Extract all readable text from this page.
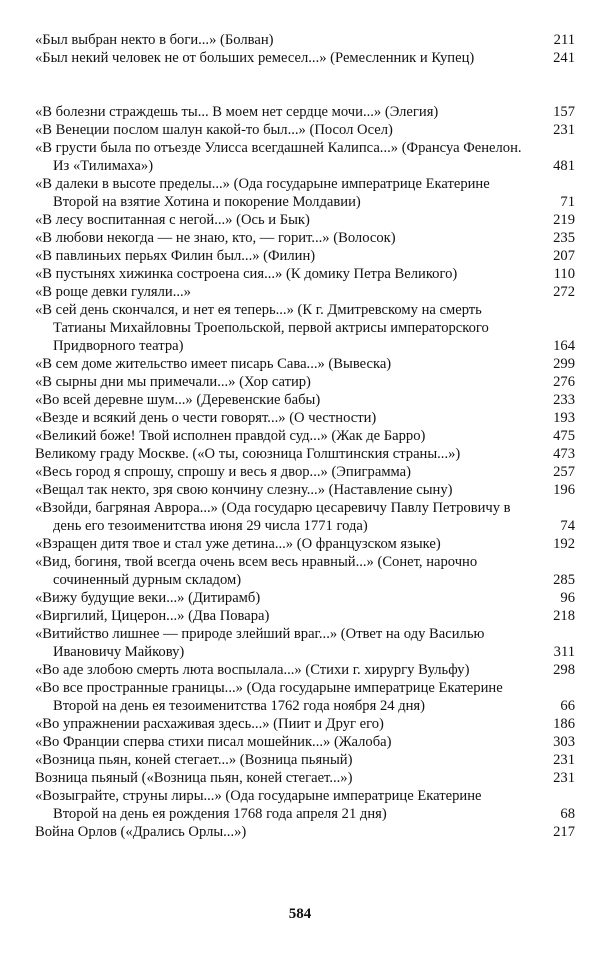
«Был выбран некто в боги...» (Болван)	211
«Был некий человек не от больших ремесел...» (Ремесленник и Купец)	241
«В болезни страждешь ты... В моем нет сердце мочи...» (Элегия)	157
«В Венеции послом шалун какой-то был...» (Посол Осел)	231
«В грусти была по отъезде Улисса всегдашней Калипса...» (Франсуа Фенелон. Из «Тилимаха»)	481
«В далеки в высоте пределы...» (Ода государыне императрице Екатерине Второй на взятие Хотина и покорение Молдавии)	71
«В лесу воспитанная с негой...» (Ось и Бык)	219
«В любови некогда — не знаю, кто, — горит...» (Волосок)	235
«В павлиньих перьях Филин был...» (Филин)	207
«В пустынях хижинка состроена сия...» (К домику Петра Великого)	110
«В роще девки гуляли...»	272
«В сей день скончался, и нет ея теперь...» (К г. Дмитревскому на смерть Татианы Михайловны Троепольской, первой актрисы императорского Придворного театра)	164
«В сем доме жительство имеет писарь Сава...» (Вывеска)	299
«В сырны дни мы примечали...» (Хор сатир)	276
«Во всей деревне шум...» (Деревенские бабы)	233
«Везде и всякий день о чести говорят...» (О честности)	193
«Великий боже! Твой исполнен правдой суд...» (Жак де Барро)	475
Великому граду Москве. («О ты, союзница Голштинския страны...»)	473
«Весь город я спрошу, спрошу и весь я двор...» (Эпиграмма)	257
«Вещал так некто, зря свою кончину слезну...» (Наставление сыну)	196
«Взойди, багряная Аврора...» (Ода государю цесаревичу Павлу Петровичу в день его тезоименитства июня 29 числа 1771 года)	74
«Взращен дитя твое и стал уже детина...» (О французском языке)	192
«Вид, богиня, твой всегда очень всем весь нравный...» (Сонет, нарочно сочиненный дурным складом)	285
«Вижу будущие веки...» (Дитирамб)	96
«Виргилий, Цицерон...» (Два Повара)	218
«Витийство лишнее — природе злейший враг...» (Ответ на оду Василью Ивановичу Майкову)	311
«Во аде злобою смерть люта воспылала...» (Стихи г. хирургу Вульфу)	298
«Во все пространные границы...» (Ода государыне императрице Екатерине Второй на день ея тезоименитства 1762 года ноября 24 дня)	66
«Во упражнении расхаживая здесь...» (Пиит и Друг его)	186
«Во Франции сперва стихи писал мошейник...» (Жалоба)	303
«Возница пьян, коней стегает...» (Возница пьяный)	231
Возница пьяный («Возница пьян, коней стегает...»)	231
«Возыграйте, струны лиры...» (Ода государыне императрице Екатерине Второй на день ея рождения 1768 года апреля 21 дня)	68
Война Орлов («Дрались Орлы...»)	217
584
